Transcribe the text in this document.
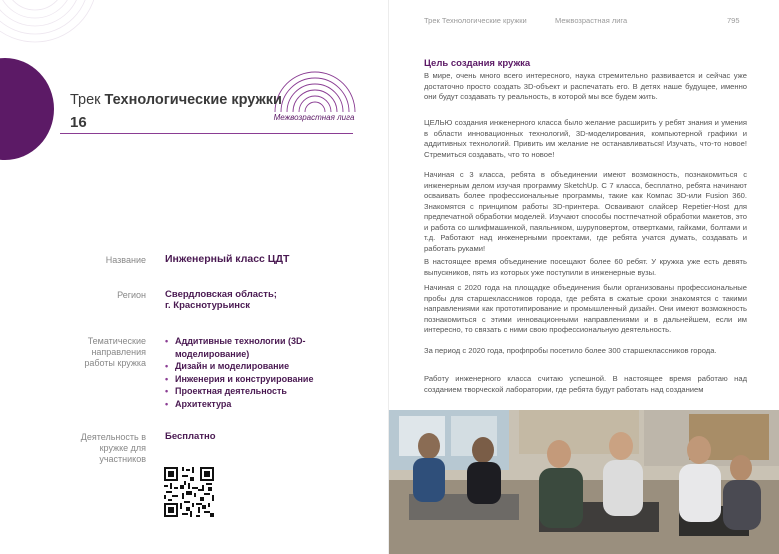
Трек Технологические кружки
16	Межвозрастная лига
Название Инженерный класс ЦДТ
Регион Свердловская область;
г. Краснотурьинск
Тематические направления работы кружка
• Аддитивные технологии (3D-моделирование)
• Дизайн и моделирование
• Инженерия и конструирование
• Проектная деятельность
• Архитектура
Деятельность в кружке для участников
Бесплатно
Трек Технологические кружки	Межвозрастная лига	795
Цель создания кружка

В мире, очень много всего интересного, наука стремительно развивается и сейчас уже достаточно просто создать 3D-объект и распечатать его. В детях наше будущее, именно они будут создавать ту реальность, в которой мы все будем жить.

ЦЕЛЬЮ создания инженерного класса было желание расширить у ребят знания и умения в области инновационных технологий, 3D-моделирования, компьютерной графики и аддитивных технологий. Привить им желание не останавливаться! Изучать, что-то новое! Стремиться создавать, что то новое!

Начиная с 3 класса, ребята в объединении имеют возможность, познакомиться с инженерным делом изучая программу SketchUp. С 7 класса, бесплатно, ребята начинают осваивать более профессиональные программы, такие как Компас 3D-или Fusion 360. Знакомятся с принципом работы 3D-принтера. Осваивают слайсер Repetier-Host для предпечатной обработки моделей. Изучают способы постпечатной обработки макетов, это и работа со шлифмашинкой, паяльником, шуруповертом, отвертками, гайками, болтами и т.д. Работают над инженерными проектами, где ребята учатся думать, создавать и работать руками!

В настоящее время объединение посещают более 60 ребят. У кружка уже есть девять выпускников, пять из которых уже поступили в инженерные вузы.

Начиная с 2020 года на площадке объединения были организованы профессиональные пробы для старшеклассников города, где ребята в сжатые сроки знакомятся с такими направлениями как прототипирование и промышленный дизайн. Они имеют возможность познакомиться с этими инновационными направлениями и в дальнейшем, если им интересно, то связать с ними свою профессиональную деятельность.

За период с 2020 года, профпробы посетило более 300 старшеклассников города.

Работу инженерного класса считаю успешной. В настоящее время работаю над созданием творческой лаборатории, где ребята будут работать над созданием
